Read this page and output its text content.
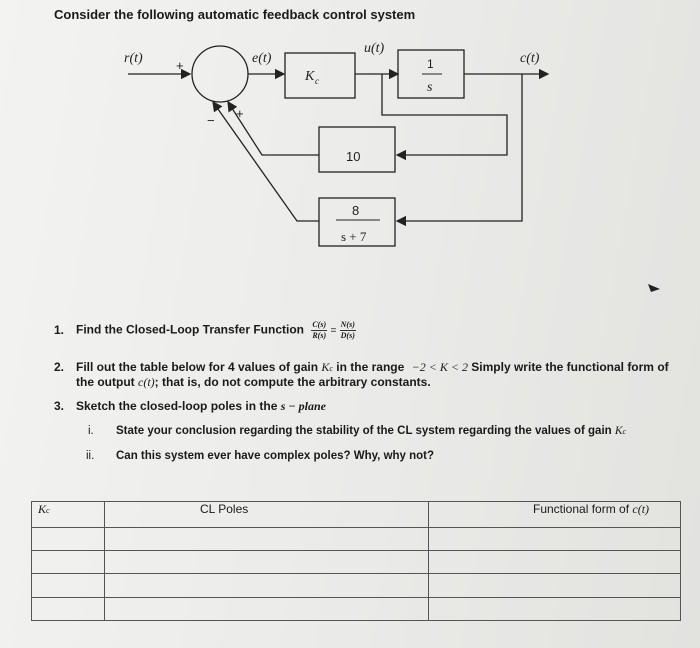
Consider the following automatic feedback control system
r(t)	e(t)
u(t)
c(t)
K c	s
s + 7
+
+
−
1
10
8
1. Find the Closed-Loop Transfer Function $\frac{C(s)}{R(s)} = \frac{N(s)}{D(s)}$
2. Fill out the table below for 4 values of gain Kc in the range −2 < K < 2 Simply write the functional form of
the output c(t); that is, do not compute the arbitrary constants.
3. Sketch the closed-loop poles in the s − plane
i. State your conclusion regarding the stability of the CL system regarding the values of gain Kc
ii. Can this system ever have complex poles? Why, why not?
Kc	CL Poles	Functional form of c(t)
